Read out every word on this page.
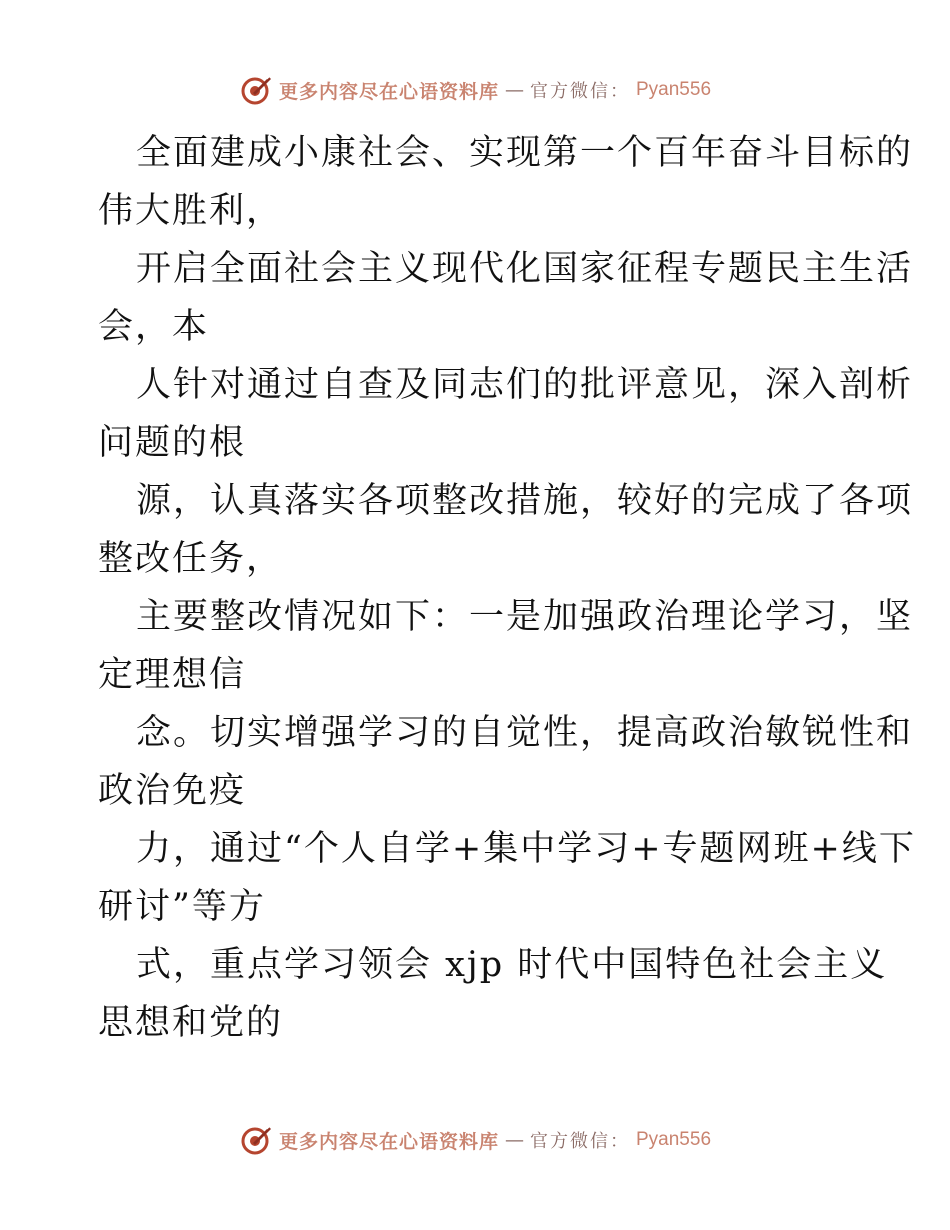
更多内容尽在心语资料库 — 官方微信： Pyan556
全面建成小康社会、实现第一个百年奋斗目标的
伟大胜利，
开启全面社会主义现代化国家征程专题民主生活
会，本
人针对通过自查及同志们的批评意见，深入剖析
问题的根
源，认真落实各项整改措施，较好的完成了各项
整改任务，
主要整改情况如下：一是加强政治理论学习，坚
定理想信
念。切实增强学习的自觉性，提高政治敏锐性和
政治免疫
力，通过“个人自学+集中学习+专题网班+线下
研讨”等方
式，重点学习领会 xjp 时代中国特色社会主义
思想和党的
更多内容尽在心语资料库 — 官方微信： Pyan556
